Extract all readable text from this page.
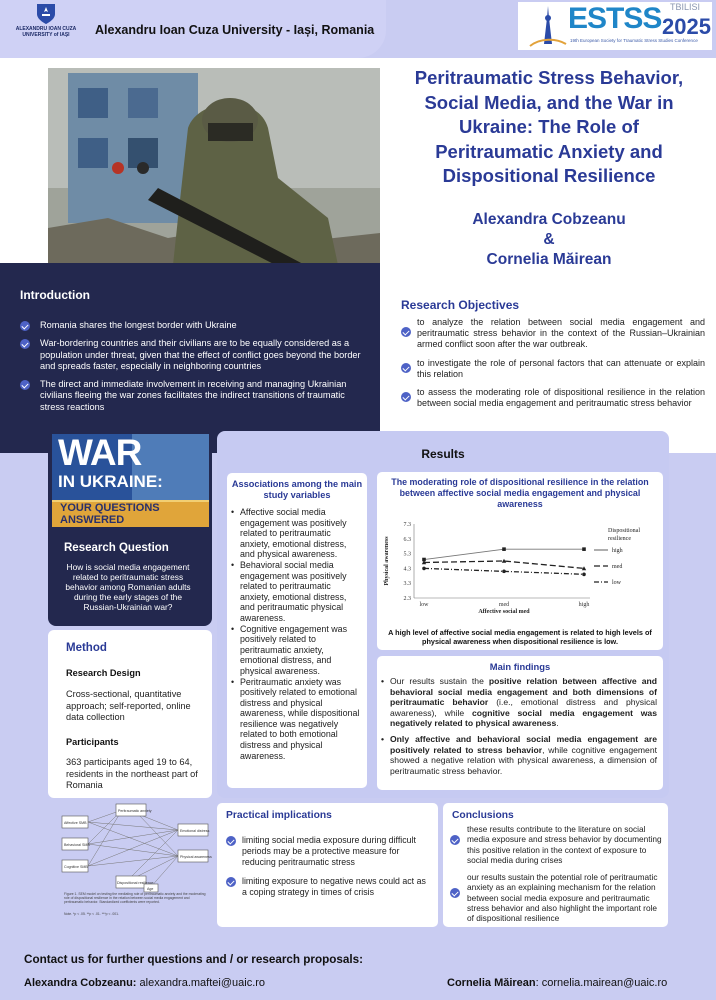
ALEXANDRU IOAN CUZA
UNIVERSITY of IAŞI	Alexandru Ioan Cuza University - Iași, Romania	ESTSS TBILISI
2025
19th European Society for Traumatic Stress Studies Conference
Peritraumatic Stress Behavior, Social Media, and the War in Ukraine: The Role of Peritraumatic Anxiety and Dispositional Resilience
Alexandra Cobzeanu
&
Cornelia Măirean
Introduction
Romania shares the longest border with Ukraine
War-bordering countries and their civilians are to be equally considered as a population under threat, given that the effect of conflict goes beyond the border and spreads faster, especially in neighboring countries
The direct and immediate involvement in receiving and managing Ukrainian civilians fleeing the war zones facilitates the indirect transitions of traumatic stress reactions
Research Objectives
to analyze the relation between social media engagement and peritraumatic stress behavior in the context of the Russian–Ukrainian armed conflict soon after the war outbreak.
to investigate the role of personal factors that can attenuate or explain this relation
to assess the moderating role of dispositional resilience in the relation between social media engagement and peritraumatic stress behavior
WAR
IN UKRAINE:
YOUR QUESTIONS
ANSWERED
Research Question
How is social media engagement related to peritraumatic stress behavior among Romanian adults during the early stages of the Russian-Ukrainian war?
Method
Research Design
Cross-sectional, quantitative approach; self-reported, online data collection
Participants
363 participants aged 19 to 64, residents in the northeast part of Romania
Affective SMB
Behavioral SMB
Cognitive SMB
Peritraumatic anxiety
Dispositional resilience
Age
Emotional distress
Physical awareness
Figure 1. SEM model on testing the mediating role of peritraumatic anxiety and the moderating role of dispositional resilience in the relation between social media engagement and peritraumatic behavior. Standardized coefficients were reported.
Note. *p < .05. **p < .01. ***p < .001.
Results
Associations among the main study variables
• Affective social media engagement was positively related to peritraumatic anxiety, emotional distress, and physical awareness.
• Behavioral social media engagement was positively related to peritraumatic anxiety, emotional distress, and peritraumatic physical awareness.
• Cognitive engagement was positively related to peritraumatic anxiety, emotional distress, and physical awareness.
• Peritraumatic anxiety was positively related to emotional distress and physical awareness, while dispositional resilience was negatively related to both emotional distress and physical awareness.
The moderating role of dispositional resilience in the relation between affective social media engagement and physical awareness
7.3
6.3
5.3
4.3
3.3
2.3
low	med	high
Affective social med
Physical awareness	high
med
low
Dispositional
resilience
A high level of affective social media engagement is related to high levels of physical awareness when dispositional resilience is low.
Main findings
• Our results sustain the positive relation between affective and behavioral social media engagement and both dimensions of peritraumatic behavior (i.e., emotional distress and physical awareness), while cognitive social media engagement was negatively related to physical awareness.
• Only affective and behavioral social media engagement are positively related to stress behavior, while cognitive engagement showed a negative relation with physical awareness, a dimension of peritraumatic stress behavior.
Practical implications
limiting social media exposure during difficult periods may be a protective measure for reducing peritraumatic stress
limiting exposure to negative news could act as a coping strategy in times of crisis
Conclusions
these results contribute to the literature on social media exposure and stress behavior by documenting this positive relation in the context of exposure to social media during crises
our results sustain the potential role of peritraumatic anxiety as an explaining mechanism for the relation between social media exposure and peritraumatic stress behavior and also highlight the important role of dispositional resilience
Contact us for further questions and / or research proposals:
Alexandra Cobzeanu: alexandra.maftei@uaic.ro	Cornelia Măirean: cornelia.mairean@uaic.ro
